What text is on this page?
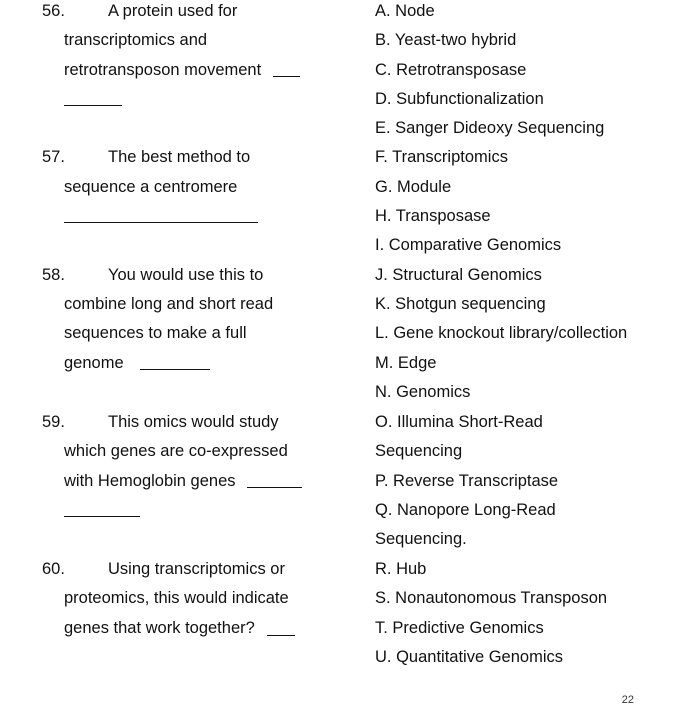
56.	A protein used for
transcriptomics and
retrotransposon movement
57.	The best method to
sequence a centromere
58.	You would use this to
combine long and short read
sequences to make a full
genome
59.	This omics would study
which genes are co-expressed
with Hemoglobin genes
60.	Using transcriptomics or
proteomics, this would indicate
genes that work together?
A. Node
B. Yeast-two hybrid
C. Retrotransposase
D. Subfunctionalization
E. Sanger Dideoxy Sequencing
F. Transcriptomics
G. Module
H. Transposase
I. Comparative Genomics
J. Structural Genomics
K. Shotgun sequencing
L. Gene knockout library/collection
M. Edge
N. Genomics
O. Illumina Short-Read
Sequencing
P. Reverse Transcriptase
Q. Nanopore Long-Read
Sequencing.
R. Hub
S. Nonautonomous Transposon
T. Predictive Genomics
U. Quantitative Genomics
22
